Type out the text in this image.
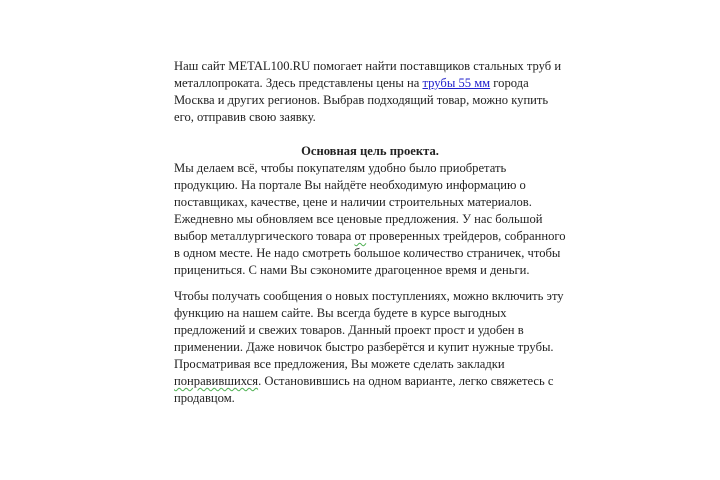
Наш сайт METAL100.RU помогает найти поставщиков стальных труб и металлопроката. Здесь представлены цены на трубы 55 мм города Москва и других регионов. Выбрав подходящий товар, можно купить его, отправив свою заявку.

Основная цель проекта.

Мы делаем всё, чтобы покупателям удобно было приобретать продукцию. На портале Вы найдёте необходимую информацию о поставщиках, качестве, цене и наличии строительных материалов. Ежедневно мы обновляем все ценовые предложения. У нас большой выбор металлургического товара от проверенных трейдеров, собранного в одном месте. Не надо смотреть большое количество страничек, чтобы прицениться. С нами Вы сэкономите драгоценное время и деньги.

Чтобы получать сообщения о новых поступлениях, можно включить эту функцию на нашем сайте. Вы всегда будете в курсе выгодных предложений и свежих товаров. Данный проект прост и удобен в применении. Даже новичок быстро разберётся и купит нужные трубы. Просматривая все предложения, Вы можете сделать закладки понравившихся. Остановившись на одном варианте, легко свяжетесь с продавцом.
